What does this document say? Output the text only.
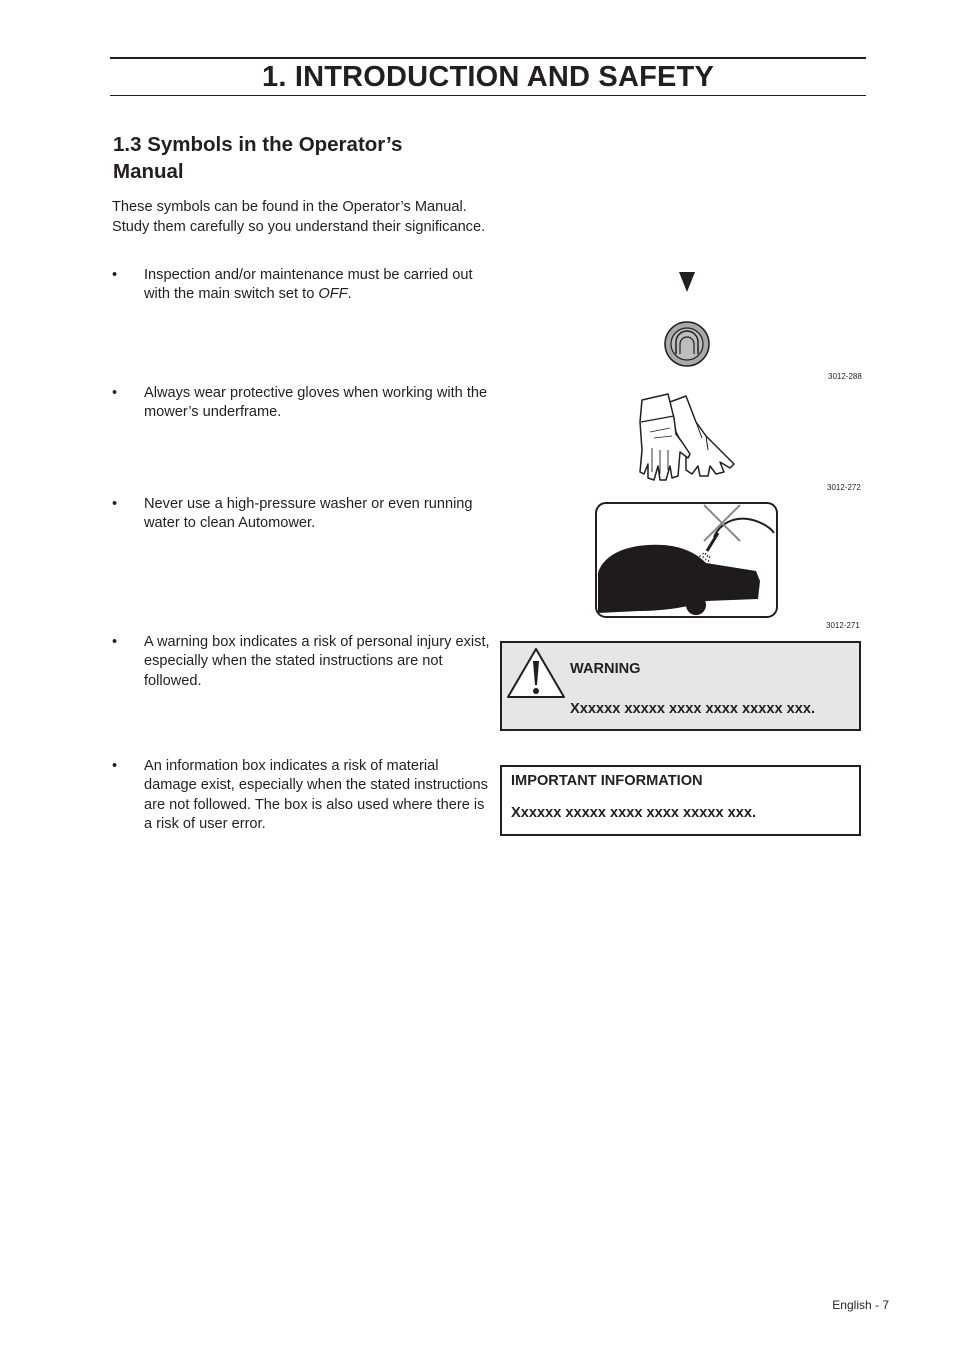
1. INTRODUCTION AND SAFETY
1.3 Symbols in the Operator’s Manual
These symbols can be found in the Operator’s Manual. Study them carefully so you understand their significance.
• Inspection and/or maintenance must be carried out with the main switch set to OFF.
• Always wear protective gloves when working with the mower’s underframe.
• Never use a high-pressure washer or even running water to clean Automower.
• A warning box indicates a risk of personal injury exist, especially when the stated instructions are not followed.
• An information box indicates a risk of material damage exist, especially when the stated instructions are not followed. The box is also used where there is a risk of user error.
3012-288
3012-272
3012-271
WARNING
Xxxxxx xxxxx xxxx xxxx xxxxx xxx.
IMPORTANT INFORMATION
Xxxxxx xxxxx xxxx xxxx xxxxx xxx.
English - 7
